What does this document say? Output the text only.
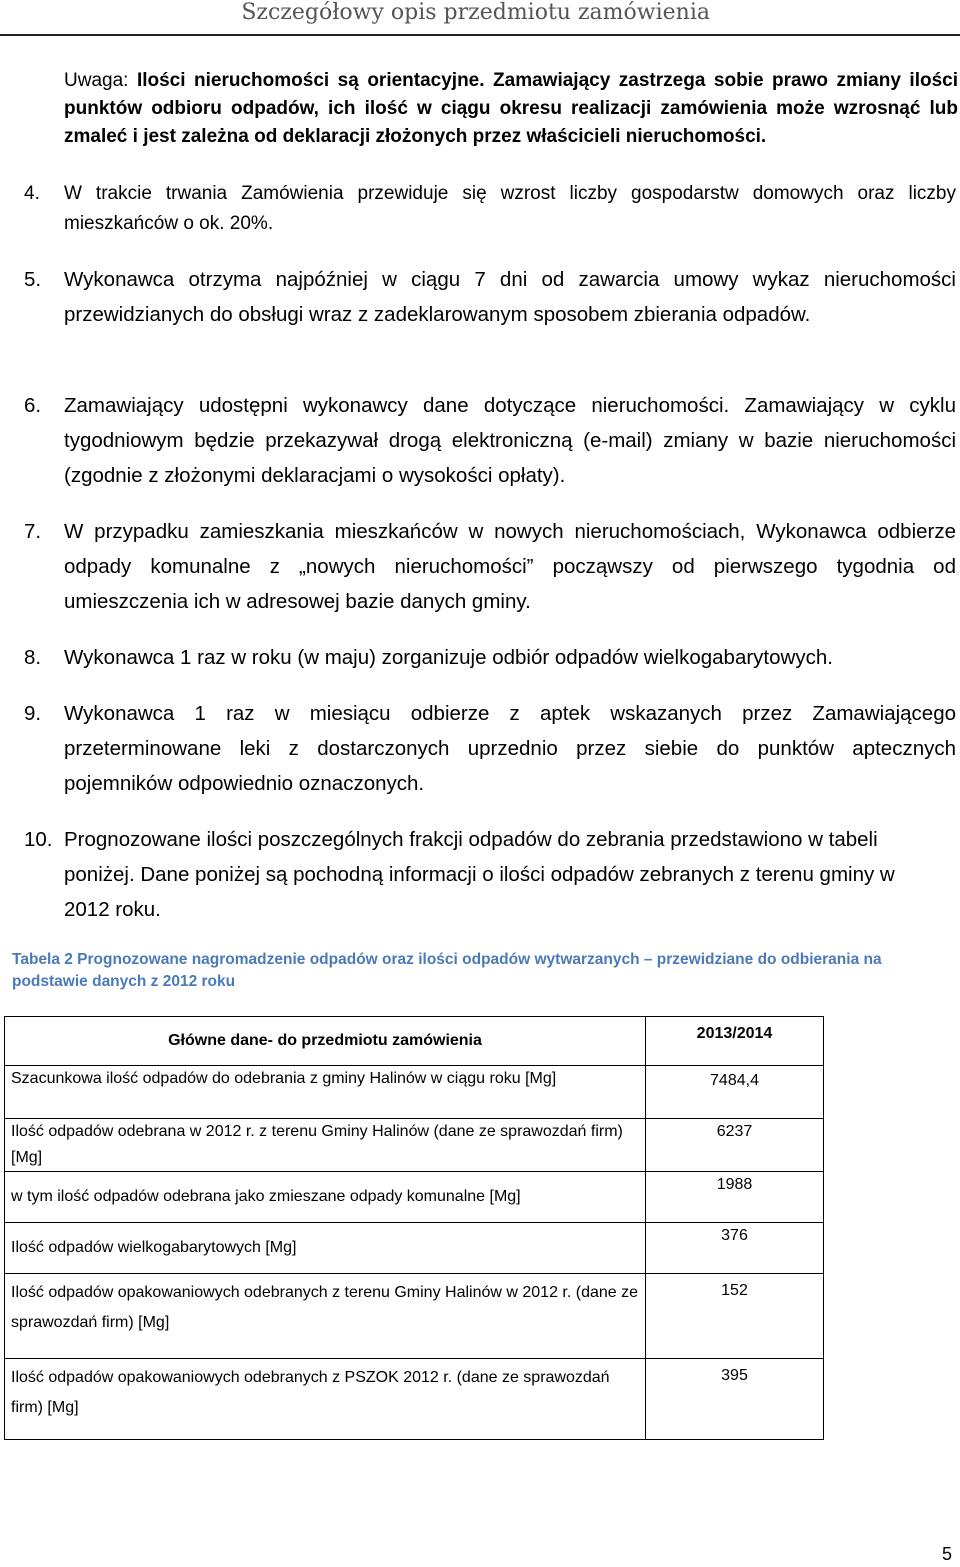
Szczegółowy opis przedmiotu zamówienia
Uwaga: Ilości nieruchomości są orientacyjne. Zamawiający zastrzega sobie prawo zmiany ilości punktów odbioru odpadów, ich ilość w ciągu okresu realizacji zamówienia może wzrosnąć lub zmaleć i jest zależna od deklaracji złożonych przez właścicieli nieruchomości.
4. W trakcie trwania Zamówienia przewiduje się wzrost liczby gospodarstw domowych oraz liczby mieszkańców o ok. 20%.
5. Wykonawca otrzyma najpóźniej w ciągu 7 dni od zawarcia umowy wykaz nieruchomości przewidzianych do obsługi wraz z zadeklarowanym sposobem zbierania odpadów.
6. Zamawiający udostępni wykonawcy dane dotyczące nieruchomości. Zamawiający w cyklu tygodniowym będzie przekazywał drogą elektroniczną (e-mail) zmiany w bazie nieruchomości (zgodnie z złożonymi deklaracjami o wysokości opłaty).
7. W przypadku zamieszkania mieszkańców w nowych nieruchomościach, Wykonawca odbierze odpady komunalne z „nowych nieruchomości” począwszy od pierwszego tygodnia od umieszczenia ich w adresowej bazie danych gminy.
8. Wykonawca 1 raz w roku (w maju) zorganizuje odbiór odpadów wielkogabarytowych.
9. Wykonawca 1 raz w miesiącu odbierze z aptek wskazanych przez Zamawiającego przeterminowane leki z dostarczonych uprzednio przez siebie do punktów aptecznych pojemników odpowiednio oznaczonych.
10. Prognozowane ilości poszczególnych frakcji odpadów do zebrania przedstawiono w tabeli poniżej. Dane poniżej są pochodną informacji o ilości odpadów zebranych z terenu gminy w 2012 roku.
Tabela 2 Prognozowane nagromadzenie odpadów oraz ilości odpadów wytwarzanych – przewidziane do odbierania na podstawie danych z 2012 roku
Główne dane- do przedmiotu zamówienia	2013/2014
Szacunkowa ilość odpadów do odebrania z gminy Halinów w ciągu roku [Mg]	7484,4
Ilość odpadów odebrana w 2012 r. z terenu Gminy Halinów (dane ze sprawozdań firm) [Mg]	6237
w tym ilość odpadów odebrana jako zmieszane odpady komunalne [Mg]	1988
Ilość odpadów wielkogabarytowych [Mg]	376
Ilość odpadów opakowaniowych odebranych z terenu Gminy Halinów w 2012 r. (dane ze sprawozdań firm) [Mg]	152
Ilość odpadów opakowaniowych odebranych z PSZOK 2012 r. (dane ze sprawozdań firm) [Mg]	395
5
